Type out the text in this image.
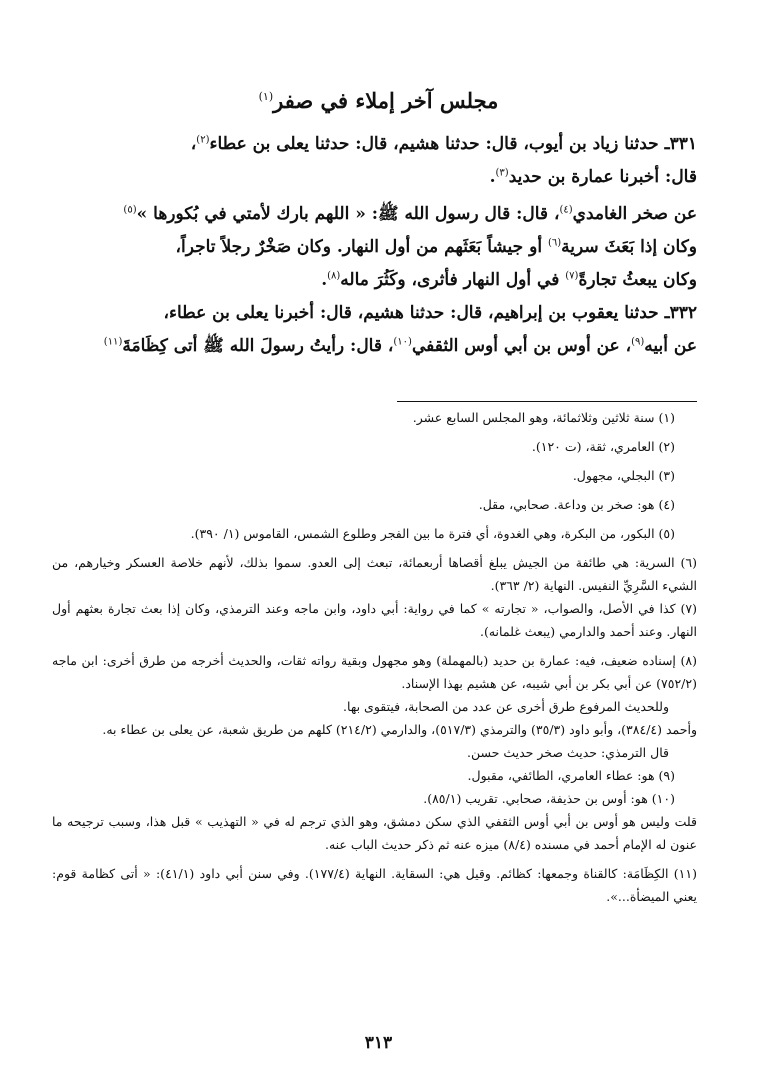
مجلس آخر إملاء في صفر$^{(١)}$

٣٣١ـ حدثنا زياد بن أيوب، قال: حدثنا هشيم، قال: حدثنا يعلى بن عطاء$^{(٢)}$،

قال: أخبرنا عمارة بن حديد$^{(٣)}$.

عن صخر الغامدي$^{(٤)}$، قال: قال رسول الله ﷺ: « اللهم بارك لأمتي في بُكورها »$^{(٥)}$

وكان إذا بَعَثَ سرية$^{(٦)}$ أو جيشاً بَعَثَهم من أول النهار. وكان صَخْرٌ رجلاً تاجراً،

وكان يبعثُ تجارةً$^{(٧)}$ في أول النهار فأثرى، وكَثُرَ ماله$^{(٨)}$.

٣٣٢ـ حدثنا يعقوب بن إبراهيم، قال: حدثنا هشيم، قال: أخبرنا يعلى بن عطاء،

عن أبيه$^{(٩)}$، عن أوس بن أبي أوس الثقفي$^{(١٠)}$، قال: رأيتُ رسولَ الله ﷺ أتى كِظَامَةَ$^{(١١)}$

(١) سنة ثلاثين وثلاثمائة، وهو المجلس السابع عشر.

(٢) العامري، ثقة، (ت ١٢٠).

(٣) البجلي، مجهول.

(٤) هو: صخر بن وداعة. صحابي، مقل.

(٥) البكور، من البكرة، وهي الغدوة، أي فترة ما بين الفجر وطلوع الشمس، القاموس (١/ ٣٩٠).

(٦) السرية: هي طائفة من الجيش يبلغ أقصاها أربعمائة، تبعث إلى العدو. سموا بذلك، لأنهم خلاصة العسكر وخيارهم، من الشيء السَّرِيِّ النفيس. النهاية (٢/ ٣٦٣).

(٧) كذا في الأصل، والصواب، « تجارته » كما في رواية: أبي داود، وابن ماجه وعند الترمذي، وكان إذا بعث تجارة بعثهم أول النهار. وعند أحمد والدارمي (يبعث غلمانه).

(٨) إسناده ضعيف، فيه: عمارة بن حديد (بالمهملة) وهو مجهول وبقية رواته ثقات، والحديث أخرجه من طرق أخرى: ابن ماجه (٧٥٢/٢) عن أبي بكر بن أبي شيبه، عن هشيم بهذا الإسناد.

وللحديث المرفوع طرق أخرى عن عدد من الصحابة، فيتقوى بها.

وأحمد (٣٨٤/٤)، وأبو داود (٣٥/٣) والترمذي (٥١٧/٣)، والدارمي (٢١٤/٢) كلهم من طريق شعبة، عن يعلى بن عطاء به.

قال الترمذي: حديث صخر حديث حسن.

(٩) هو: عطاء العامري، الطائفي، مقبول.

(١٠) هو: أوس بن حذيفة، صحابي. تقريب (٨٥/١).

قلت وليس هو أوس بن أبي أوس الثقفي الذي سكن دمشق، وهو الذي ترجم له في « التهذيب » قبل هذا، وسبب ترجيحه ما عنون له الإمام أحمد في مسنده (٨/٤) ميزه عنه ثم ذكر حديث الباب عنه.

(١١) الكِظَامَة: كالقناة وجمعها: كظائم. وقيل هي: السقاية. النهاية (١٧٧/٤). وفي سنن أبي داود (٤١/١): « أتى كظامة قوم: يعني الميضأة...».

٣١٣
